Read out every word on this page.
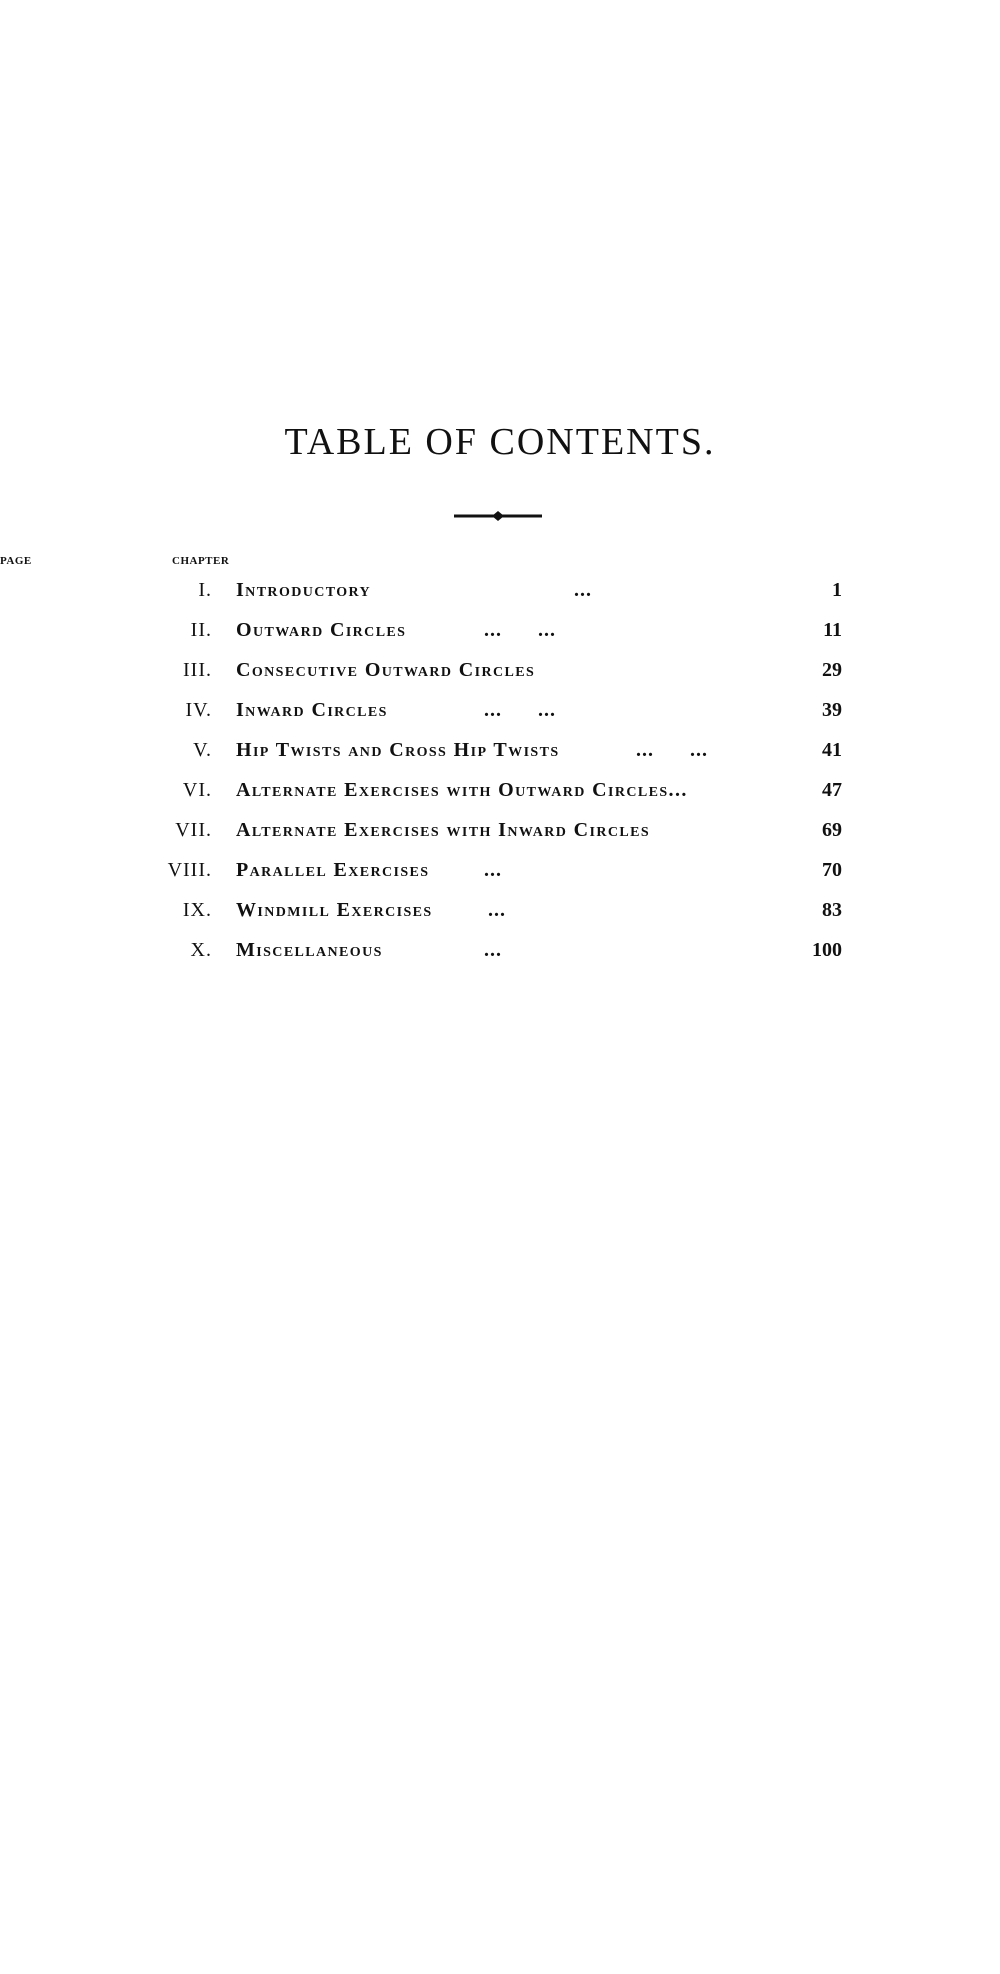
TABLE OF CONTENTS.
CHAPTER
PAGE
I. Introductory	...	1
II. Outward Circles	...      ...	11
III. Consecutive Outward Circles	29
IV. Inward Circles	...      ...	39
V. Hip Twists and Cross Hip Twists	...      ...	41
VI. Alternate Exercises with Outward Circles...	47
VII. Alternate Exercises with Inward Circles	69
VIII. Parallel Exercises	...	70
IX. Windmill Exercises	...	83
X. Miscellaneous	...	100
